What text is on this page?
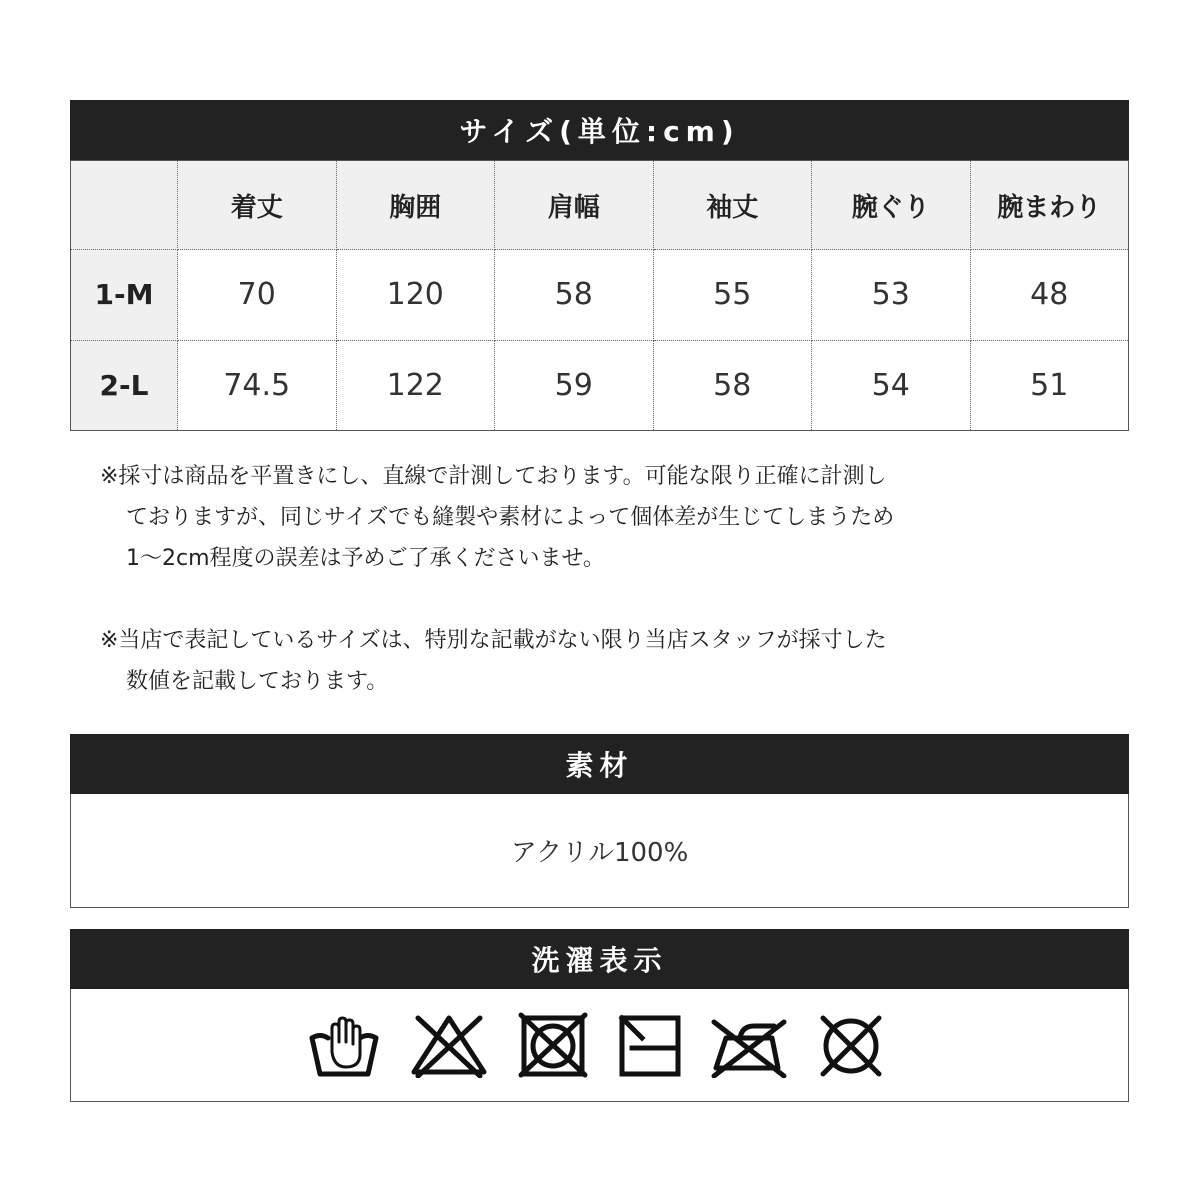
サイズ(単位:cm)
	着丈	胸囲	肩幅	袖丈	腕ぐり	腕まわり
1-M	70	120	58	55	53	48
2-L	74.5	122	59	58	54	51

※採寸は商品を平置きにし、直線で計測しております。可能な限り正確に計測し

ておりますが、同じサイズでも縫製や素材によって個体差が生じてしまうため

1～2cm程度の誤差は予めご了承くださいませ。

※当店で表記しているサイズは、特別な記載がない限り当店スタッフが採寸した

数値を記載しております。

素材
アクリル100%
洗濯表示
